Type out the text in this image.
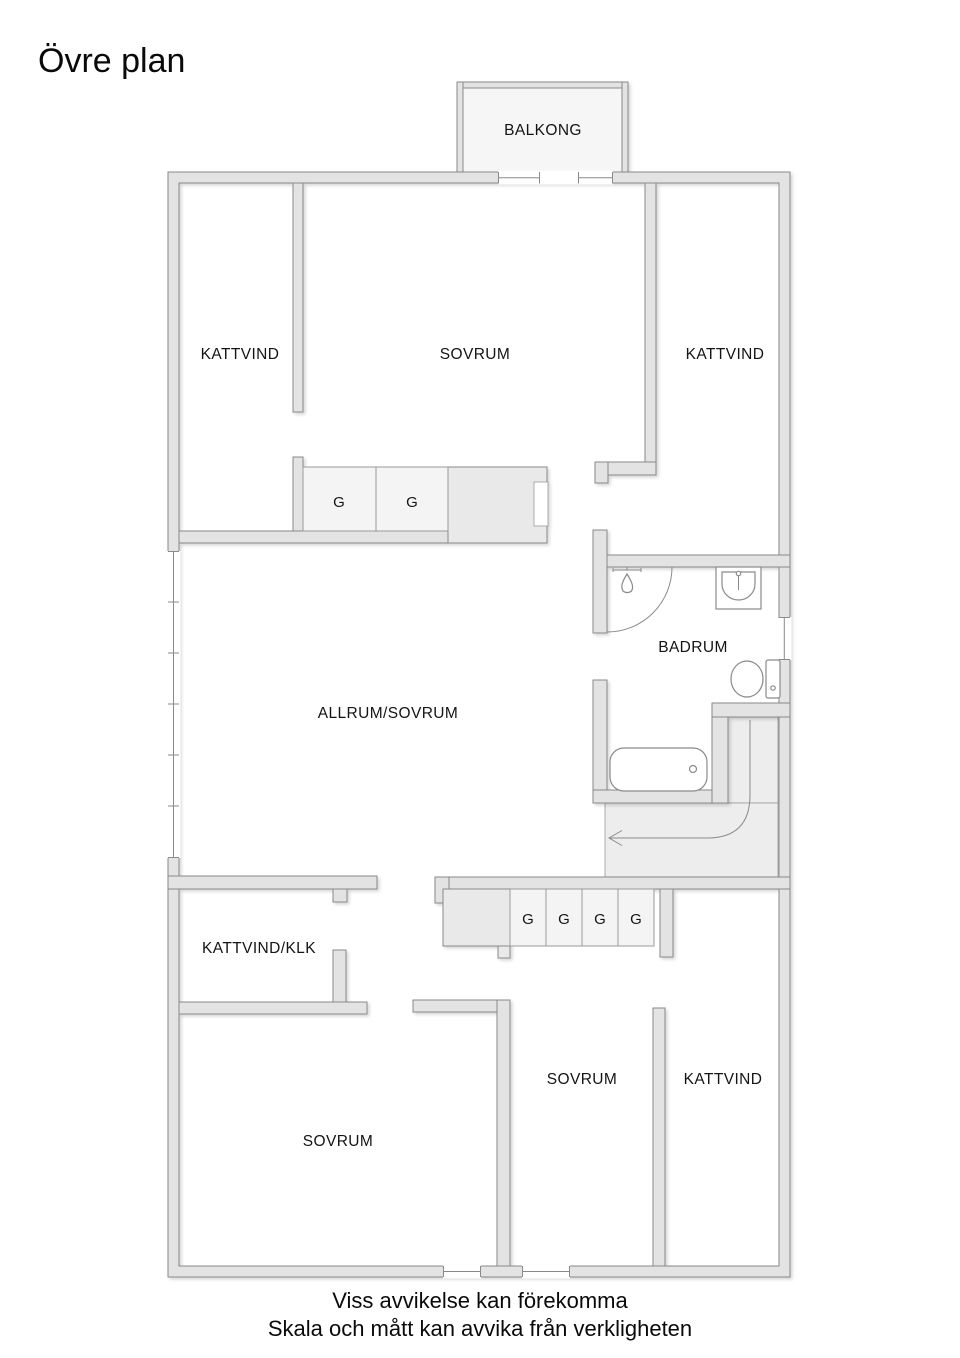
BALKONG
KATTVIND	SOVRUM	KATTVIND
G	G
BADRUM
ALLRUM/SOVRUM
KATTVIND/KLK
G G G G
SOVRUM
SOVRUM	KATTVIND
Övre plan
Viss avvikelse kan förekomma
Skala och mått kan avvika från verkligheten
